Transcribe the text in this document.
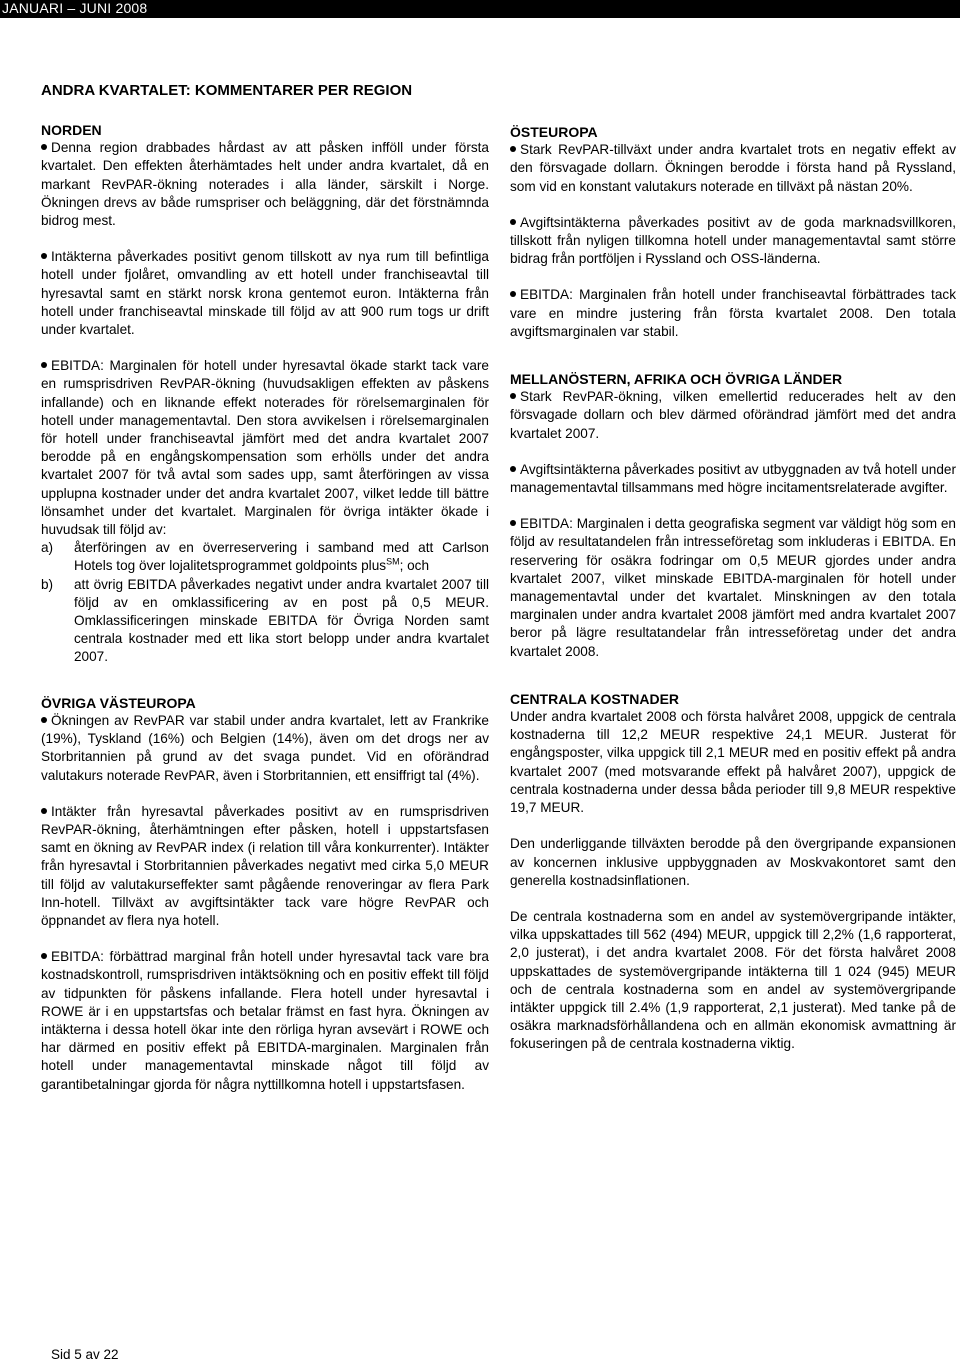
JANUARI – JUNI 2008
ANDRA KVARTALET: KOMMENTARER PER REGION
NORDEN

Denna region drabbades hårdast av att påsken infföll under första kvartalet. Den effekten återhämtades helt under andra kvartalet, då en markant RevPAR-ökning noterades i alla länder, särskilt i Norge. Ökningen drevs av både rumspriser och beläggning, där det förstnämnda bidrog mest.

Intäkterna påverkades positivt genom tillskott av nya rum till befintliga hotell under fjolåret, omvandling av ett hotell under franchiseavtal till hyresavtal samt en stärkt norsk krona gentemot euron. Intäkterna från hotell under franchiseavtal minskade till följd av att 900 rum togs ur drift under kvartalet.

EBITDA: Marginalen för hotell under hyresavtal ökade starkt tack vare en rumsprisdriven RevPAR-ökning (huvudsakligen effekten av påskens infallande) och en liknande effekt noterades för rörelsemarginalen för hotell under managementavtal. Den stora avvikelsen i rörelsemarginalen för hotell under franchiseavtal jämfört med det andra kvartalet 2007 berodde på en engångskompensation som erhölls under det andra kvartalet 2007 för två avtal som sades upp, samt återföringen av vissa upplupna kostnader under det andra kvartalet 2007, vilket ledde till bättre lönsamhet under det kvartalet. Marginalen för övriga intäkter ökade i huvudsak till följd av:

a)	återföringen av en överreservering i samband med att Carlson Hotels tog över lojalitetsprogrammet goldpoints plus℠; och
b)	att övrig EBITDA påverkades negativt under andra kvartalet 2007 till följd av en omklassificering av en post på 0,5 MEUR. Omklassificeringen minskade EBITDA för Övriga Norden samt centrala kostnader med ett lika stort belopp under andra kvartalet 2007.
ÖVRIGA VÄSTEUROPA

Ökningen av RevPAR var stabil under andra kvartalet, lett av Frankrike (19%), Tyskland (16%) och Belgien (14%), även om det drogs ner av Storbritannien på grund av det svaga pundet. Vid en oförändrad valutakurs noterade RevPAR, även i Storbritannien, ett ensiffrigt tal (4%).

Intäkter från hyresavtal påverkades positivt av en rumsprisdriven RevPAR-ökning, återhämtningen efter påsken, hotell i uppstartsfasen samt en ökning av RevPAR index (i relation till våra konkurrenter). Intäkter från hyresavtal i Storbritannien påverkades negativt med cirka 5,0 MEUR till följd av valutakurseffekter samt pågående renoveringar av flera Park Inn-hotell. Tillväxt av avgiftsintäkter tack vare högre RevPAR och öppnandet av flera nya hotell.

EBITDA: förbättrad marginal från hotell under hyresavtal tack vare bra kostnadskontroll, rumsprisdriven intäktsökning och en positiv effekt till följd av tidpunkten för påskens infallande. Flera hotell under hyresavtal i ROWE är i en uppstartsfas och betalar främst en fast hyra. Ökningen av intäkterna i dessa hotell ökar inte den rörliga hyran avsevärt i ROWE och har därmed en positiv effekt på EBITDA-marginalen. Marginalen från hotell under managementavtal minskade något till följd av garantibetalningar gjorda för några nyttillkomna hotell i uppstartsfasen.

ÖSTEUROPA

Stark RevPAR-tillväxt under andra kvartalet trots en negativ effekt av den försvagade dollarn. Ökningen berodde i första hand på Ryssland, som vid en konstant valutakurs noterade en tillväxt på nästan 20%.

Avgiftsintäkterna påverkades positivt av de goda marknadsvillkoren, tillskott från nyligen tillkomna hotell under managementavtal samt större bidrag från portföljen i Ryssland och OSS-länderna.

EBITDA: Marginalen från hotell under franchiseavtal förbättrades tack vare en mindre justering från första kvartalet 2008. Den totala avgiftsmarginalen var stabil.

MELLANÖSTERN, AFRIKA OCH ÖVRIGA LÄNDER

Stark RevPAR-ökning, vilken emellertid reducerades helt av den försvagade dollarn och blev därmed oförändrad jämfört med det andra kvartalet 2007.

Avgiftsintäkterna påverkades positivt av utbyggnaden av två hotell under managementavtal tillsammans med högre incitamentsrelaterade avgifter.

EBITDA: Marginalen i detta geografiska segment var väldigt hög som en följd av resultatandelen från intresseföretag som inkluderas i EBITDA. En reservering för osäkra fodringar om 0,5 MEUR gjordes under andra kvartalet 2007, vilket minskade EBITDA-marginalen för hotell under managementavtal under det kvartalet. Minskningen av den totala marginalen under andra kvartalet 2008 jämfört med andra kvartalet 2007 beror på lägre resultatandelar från intresseföretag under det andra kvartalet 2008.

CENTRALA KOSTNADER

Under andra kvartalet 2008 och första halvåret 2008, uppgick de centrala kostnaderna till 12,2 MEUR respektive 24,1 MEUR. Justerat för engångsposter, vilka uppgick till 2,1 MEUR med en positiv effekt på andra kvartalet 2007 (med motsvarande effekt på halvåret 2007), uppgick de centrala kostnaderna under dessa båda perioder till 9,8 MEUR respektive 19,7 MEUR.

Den underliggande tillväxten berodde på den övergripande expansionen av koncernen inklusive uppbyggnaden av Moskvakontoret samt den generella kostnadsinflationen.

De centrala kostnaderna som en andel av systemövergripande intäkter, vilka uppskattades till 562 (494) MEUR, uppgick till 2,2% (1,6 rapporterat, 2,0 justerat), i det andra kvartalet 2008. För det första halvåret 2008 uppskattades de systemövergripande intäkterna till 1 024 (945) MEUR och de centrala kostnaderna som en andel av systemövergripande intäkter uppgick till 2.4% (1,9 rapporterat, 2,1 justerat). Med tanke på de osäkra marknadsförhållandena och en allmän ekonomisk avmattning är fokuseringen på de centrala kostnaderna viktig.

Sid 5 av 22
